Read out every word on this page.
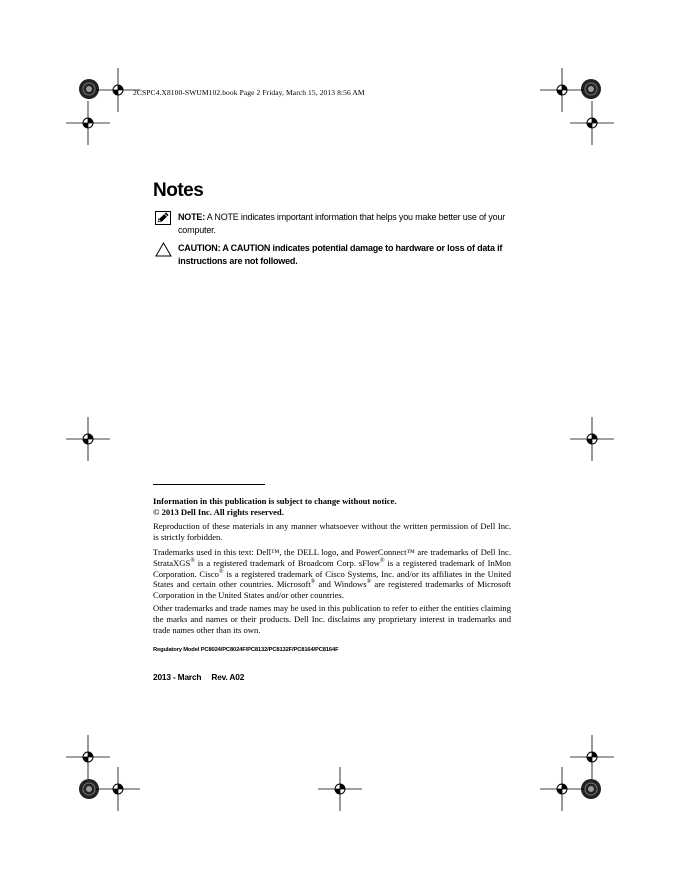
2CSPC4.X8100-SWUM102.book Page 2 Friday, March 15, 2013 8:56 AM
Notes
NOTE: A NOTE indicates important information that helps you make better use of your computer.
CAUTION: A CAUTION indicates potential damage to hardware or loss of data if instructions are not followed.

Information in this publication is subject to change without notice.

© 2013 Dell Inc. All rights reserved.

Reproduction of these materials in any manner whatsoever without the written permission of Dell Inc. is strictly forbidden.

Trademarks used in this text: Dell™, the DELL logo, and PowerConnect™ are trademarks of Dell Inc. StrataXGS® is a registered trademark of Broadcom Corp. sFlow® is a registered trademark of InMon Corporation. Cisco® is a registered trademark of Cisco Systems, Inc. and/or its affiliates in the United States and certain other countries. Microsoft® and Windows® are registered trademarks of Microsoft Corporation in the United States and/or other countries.

Other trademarks and trade names may be used in this publication to refer to either the entities claiming the marks and names or their products. Dell Inc. disclaims any proprietary interest in trademarks and trade names other than its own.

Regulatory Model PC8024/PC8024F/PC8132/PC8132F/PC8164/PC8164F
2013 - March Rev. A02
